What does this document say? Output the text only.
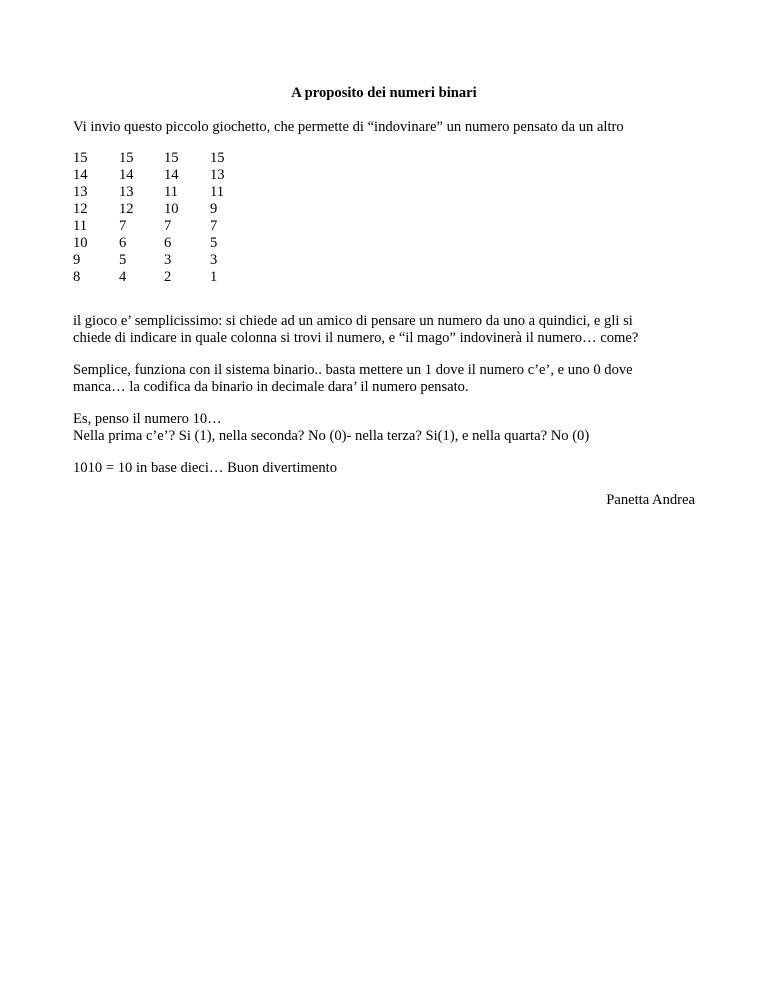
A proposito dei numeri binari

Vi invio questo piccolo giochetto, che permette di “indovinare” un numero pensato da un altro

15
14
13
12
11
10
9
8
15
14
13
12
7
6
5
4
15
14
11
10
7
6
3
2
15
13
11
9
7
5
3
1

il gioco e’ semplicissimo: si chiede ad un amico di pensare un numero da uno a quindici, e gli si
chiede di indicare in quale colonna si trovi il numero, e “il mago” indovinerà il numero… come?

Semplice, funziona con il sistema binario.. basta mettere un 1 dove il numero c’e’, e uno 0 dove
manca… la codifica da binario in decimale dara’ il numero pensato.

Es, penso il numero 10…
Nella prima c’e’? Si (1), nella seconda? No (0)- nella terza? Si(1), e nella quarta? No (0)

1010 = 10 in base dieci… Buon divertimento

Panetta Andrea
